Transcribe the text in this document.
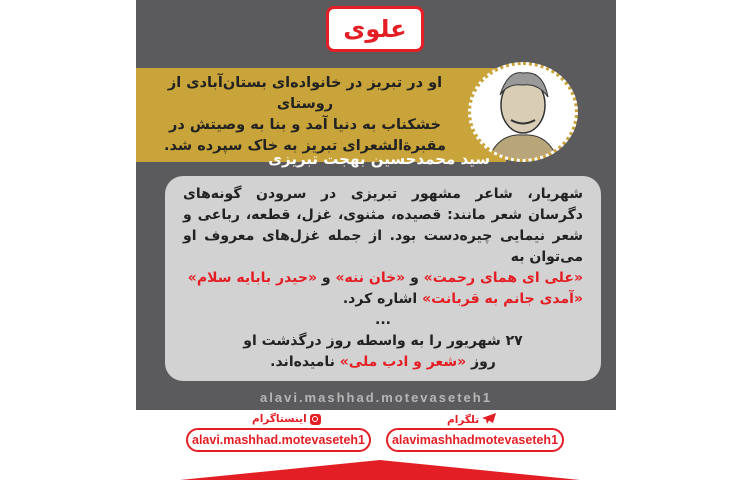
علوی
او در تبریز در خانواده‌ای بستان‌آبادی از روستای
خشکناب به دنیا آمد و بنا به وصیتش در
مقبرة‌الشعرای تبریز به خاک سپرده شد.
سید محمدحسین بهجت تبریزی
شهریار، شاعر مشهور تبریزی در سرودن گونه‌های دگرسان شعر مانند: قصیده، مثنوی، غزل، قطعه، رباعی و شعر نیمایی چیره‌دست بود. از جمله غزل‌های معروف او می‌توان به
«علی ای همای رحمت» و «خان ننه» و «حیدر بابایه سلام»
«آمدی جانم به قربانت» اشاره کرد.
...
۲۷ شهریور را به واسطه روز درگذشت او
روز «شعر و ادب ملی» نامیده‌اند.
alavi.mashhad.motevaseteh1
alavi.mashhad.motevaseteh1
اینستاگرام
alavimashhadmotevaseteh1
تلگرام
